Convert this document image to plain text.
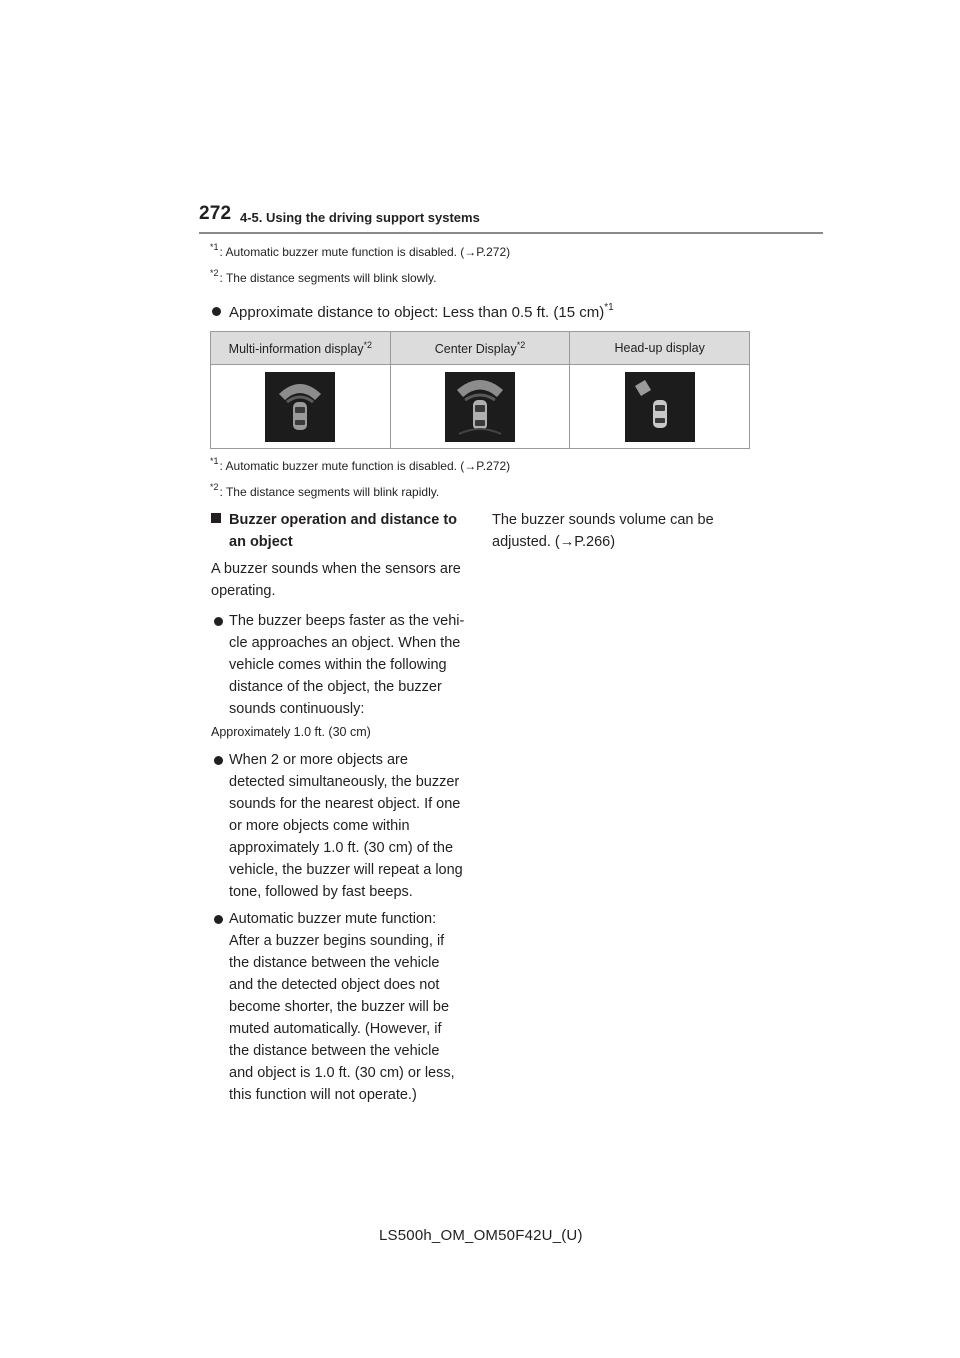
272 4-5. Using the driving support systems
$^{*1}$: Automatic buzzer mute function is disabled. (→P.272)
$^{*2}$: The distance segments will blink slowly.
Approximate distance to object: Less than 0.5 ft. (15 cm)$^{*1}$
Multi-information display$^{*2}$	Center Display$^{*2}$	Head-up display

$^{*1}$: Automatic buzzer mute function is disabled. (→P.272)
$^{*2}$: The distance segments will blink rapidly.
Buzzer operation and distance to
an object
A buzzer sounds when the sensors are
operating.
The buzzer beeps faster as the vehi-
cle approaches an object. When the
vehicle comes within the following
distance of the object, the buzzer
sounds continuously:
Approximately 1.0 ft. (30 cm)
When 2 or more objects are
detected simultaneously, the buzzer
sounds for the nearest object. If one
or more objects come within
approximately 1.0 ft. (30 cm) of the
vehicle, the buzzer will repeat a long
tone, followed by fast beeps.
Automatic buzzer mute function:
After a buzzer begins sounding, if
the distance between the vehicle
and the detected object does not
become shorter, the buzzer will be
muted automatically. (However, if
the distance between the vehicle
and object is 1.0 ft. (30 cm) or less,
this function will not operate.)
The buzzer sounds volume can be
adjusted. (→P.266)
LS500h_OM_OM50F42U_(U)
